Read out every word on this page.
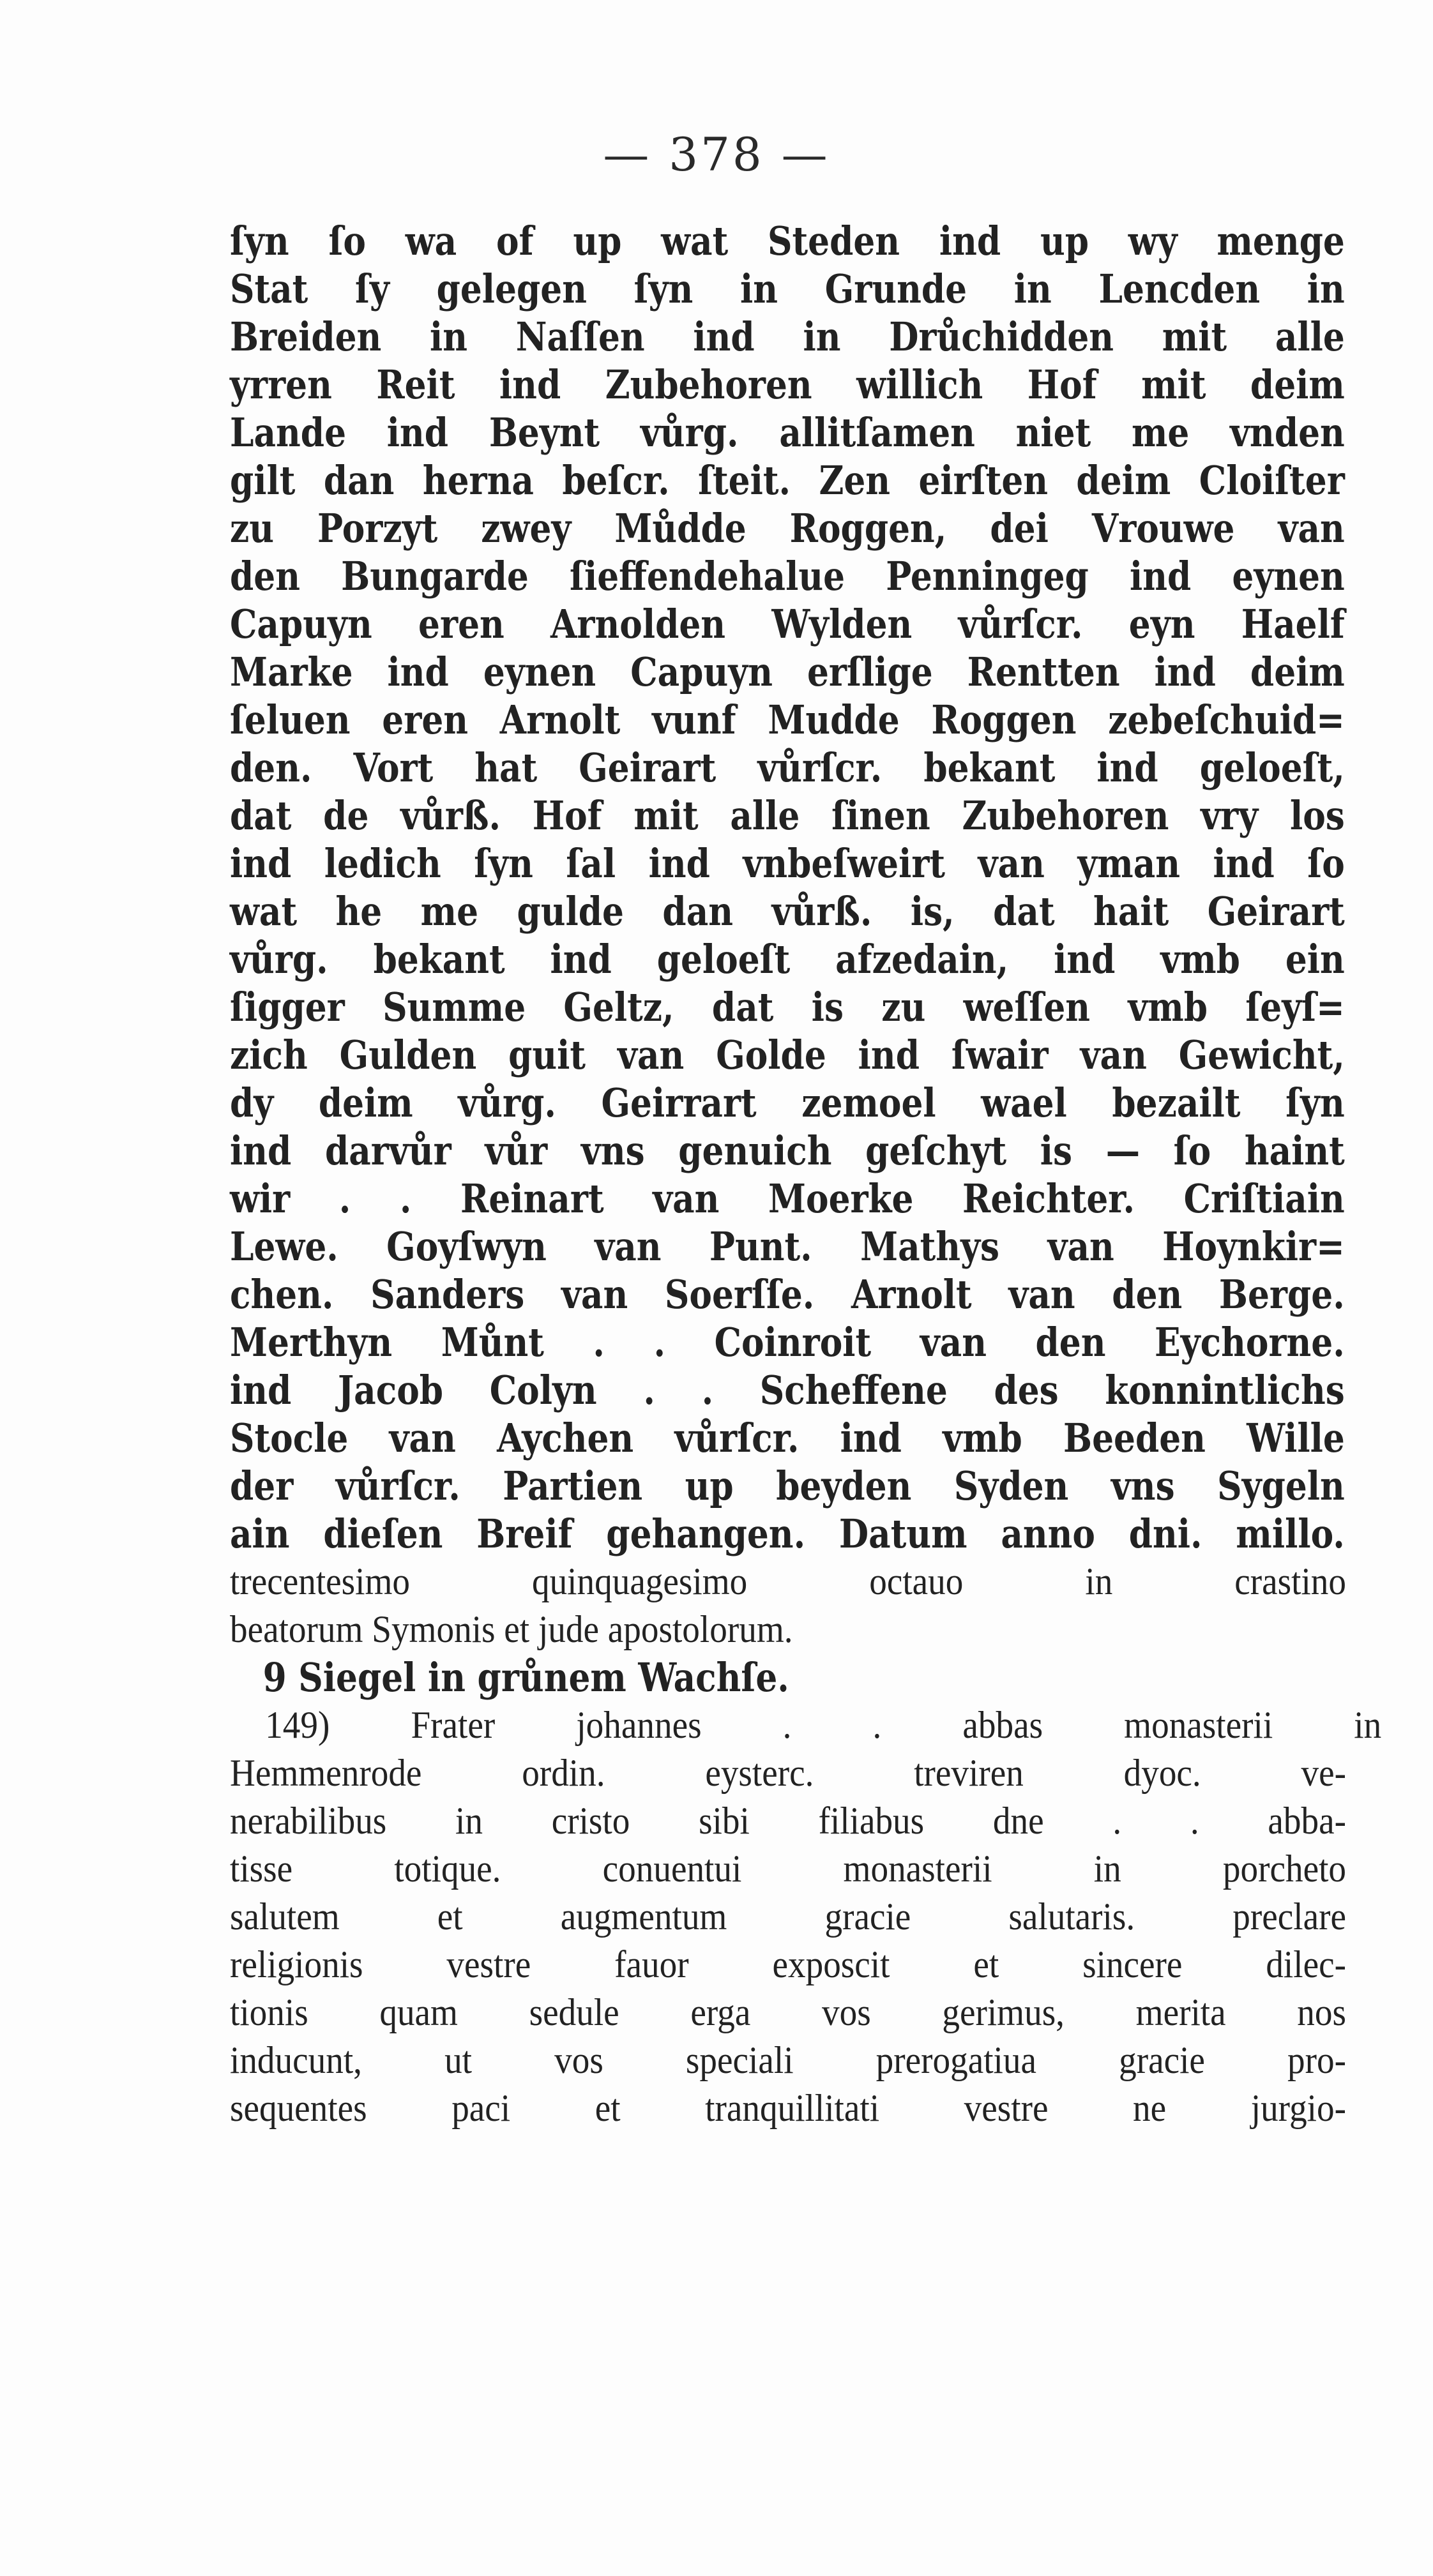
— 378 —
ſyn ſo wa of up wat Steden ind up wy menge
Stat ſy gelegen ſyn in Grunde in Lencden in
Breiden in Naſſen ind in Drůchidden mit alle
yrren Reit ind Zubehoren willich Hof mit deim
Lande ind Beynt vůrg. allitſamen niet me vnden
gilt dan herna beſcr. ſteit. Zen eirſten deim Cloiſter
zu Porzyt zwey Můdde Roggen, dei Vrouwe van
den Bungarde ſieffendehalue Penningeg ind eynen
Capuyn eren Arnolden Wylden vůrſcr. eyn Haelf
Marke ind eynen Capuyn erſlige Rentten ind deim
ſeluen eren Arnolt vunf Mudde Roggen zebeſchuid=
den. Vort hat Geirart vůrſcr. bekant ind geloeſt,
dat de vůrß. Hof mit alle ſinen Zubehoren vry los
ind ledich ſyn ſal ind vnbeſweirt van yman ind ſo
wat he me gulde dan vůrß. is, dat hait Geirart
vůrg. bekant ind geloeſt afzedain, ind vmb ein
ſigger Summe Geltz, dat is zu weſſen vmb ſeyſ=
zich Gulden guit van Golde ind ſwair van Gewicht,
dy deim vůrg. Geirrart zemoel wael bezailt ſyn
ind darvůr vůr vns genuich geſchyt is — ſo haint
wir . . Reinart van Moerke Reichter. Criſtiain
Lewe. Goyſwyn van Punt. Mathys van Hoynkir=
chen. Sanders van Soerſſe. Arnolt van den Berge.
Merthyn Můnt . . Coinroit van den Eychorne.
ind Jacob Colyn . . Scheffene des konnintlichs
Stocle van Aychen vůrſcr. ind vmb Beeden Wille
der vůrſcr. Partien up beyden Syden vns Sygeln
ain dieſen Breif gehangen. Datum anno dni. millo.
trecentesimo quinquagesimo octauo in crastino
beatorum Symonis et jude apostolorum.
9 Siegel in grůnem Wachſe.
149) Frater johannes . . abbas monasterii in
Hemmenrode ordin. eysterc. treviren dyoc. ve-
nerabilibus in cristo sibi filiabus dne . . abba-
tisse totique. conuentui monasterii in porcheto
salutem et augmentum gracie salutaris. preclare
religionis vestre fauor exposcit et sincere dilec-
tionis quam sedule erga vos gerimus, merita nos
inducunt, ut vos speciali prerogatiua gracie pro-
sequentes paci et tranquillitati vestre ne jurgio-
